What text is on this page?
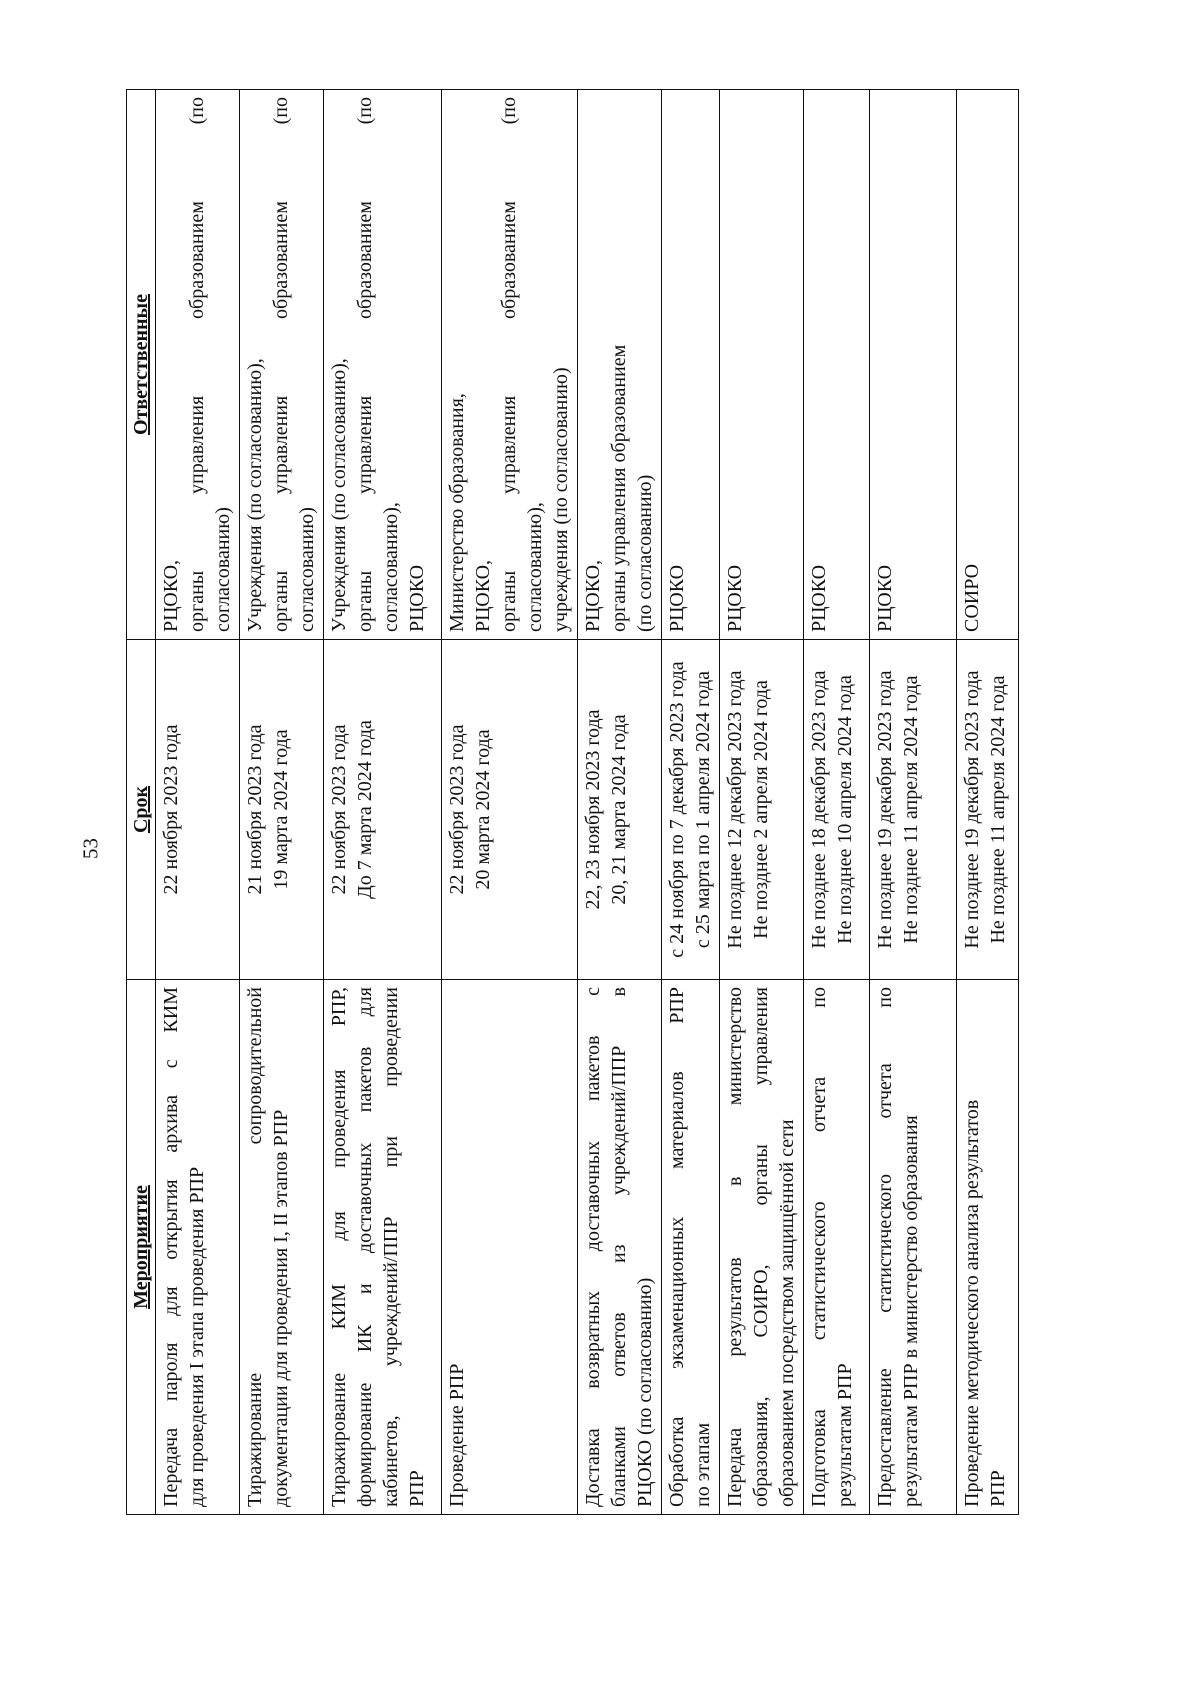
53
Мероприятие	Срок	Ответственные

Передача пароля для открытия архива с КИМ для проведения I этапа проведения РПР	22 ноября 2023 года	РЦОКО, органы управления образованием (по согласованию)

Тиражирование сопроводительной документации для проведения I, II этапов РПР	21 ноября 2023 года 19 марта 2024 года	Учреждения (по согласованию), органы управления образованием (по согласованию)

Тиражирование КИМ для проведения РПР, формирование ИК и доставочных пакетов для кабинетов, учреждений/ППР при проведении РПР	22 ноября 2023 года До 7 марта 2024 года	Учреждения (по согласованию), органы управления образованием (по согласованию), РЦОКО

Проведение РПР	22 ноября 2023 года 20 марта 2024 года	Министерство образования, РЦОКО, органы управления образованием (по согласованию), учреждения (по согласованию)

Доставка возвратных доставочных пакетов с бланками ответов из учреждений/ППР в РЦОКО (по согласованию)	22, 23 ноября 2023 года 20, 21 марта 2024 года	РЦОКО, органы управления образованием (по согласованию)

Обработка экзаменационных материалов РПР по этапам	с 24 ноября по 7 декабря 2023 года с 25 марта по 1 апреля 2024 года	РЦОКО

Передача результатов в министерство образования, СОИРО, органы управления образованием посредством защищённой сети	Не позднее 12 декабря 2023 года Не позднее 2 апреля 2024 года	РЦОКО

Подготовка статистического отчета по результатам РПР	Не позднее 18 декабря 2023 года Не позднее 10 апреля 2024 года	РЦОКО

Предоставление статистического отчета по результатам РПР в министерство образования	Не позднее 19 декабря 2023 года Не позднее 11 апреля 2024 года	РЦОКО

Проведение методического анализа результатов РПР	Не позднее 19 декабря 2023 года Не позднее 11 апреля 2024 года	СОИРО
